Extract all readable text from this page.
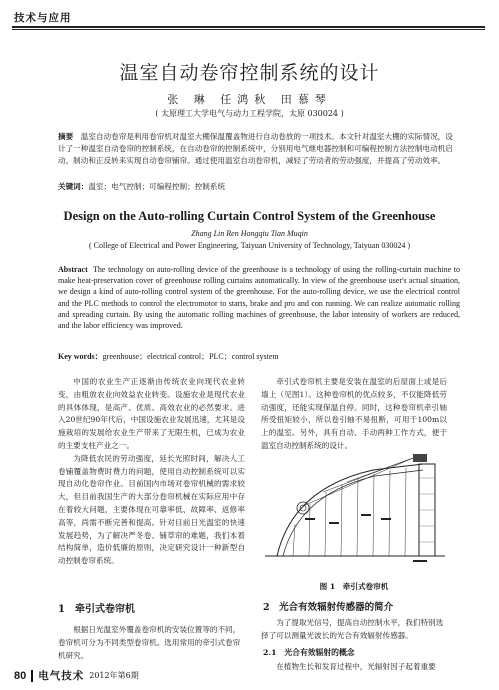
技术与应用
温室自动卷帘控制系统的设计
张 琳 任鸿秋 田慕琴
( 太原理工大学电气与动力工程学院，太原 030024 )
摘要　 温室自动卷帘是利用卷帘机对温室大棚保温覆盖物进行自动卷放的一项技术。本文针对温室大棚的实际情况，设计了一种温室自动卷帘的控制系统，在自动卷帘的控制系统中，分别用电气继电器控制和可编程控制方法控制电动机启动、制动和正反转来实现自动卷帘铺帘。通过使用温室自动卷帘机，减轻了劳动者的劳动强度，并提高了劳动效率。
关键词：温室；电气控制；可编程控制；控制系统
Design on the Auto-rolling Curtain Control System of the Greenhouse
Zhang Lin Ren Hongqiu Tian Muqin
( College of Electrical and Power Engineering, Taiyuan University of Technology, Taiyuan 030024 )
Abstract The technology on auto-rolling device of the greenhouse is a technology of using the rolling-curtain machine to make heat-preservation cover of greenhouse rolling curtains automatically. In view of the greenhouse user's actual situation, we design a kind of auto-rolling control system of the greenhouse. For the auto-rolling device, we use the electrical control and the PLC methods to control the electromotor to starts, brake and pro and con running. We can realize automatic rolling and spreading curtain. By using the automatic rolling machines of greenhouse, the labor intensity of workers are reduced, and the labor efficiency was improved.
Key words：greenhouse；electrical control；PLC；control system

中国的农业生产正逐渐由传统农业向现代农业转变，由粗放农业向效益农业转变。设施农业是现代农业的具体体现，是高产、优质、高效农业的必然要求。进入20世纪90年代后，中国设施农业发展迅速，尤其是设施栽培的发展给农业生产带来了无限生机，已成为农业的主要支柱产业之一。

为降低农民的劳动强度，延长光照时间，解决人工卷铺覆盖物费时费力的问题，使用自动控制系统可以实现自动化卷帘作业。目前国内市场对卷帘机械的需求较大，但目前我国生产的大部分卷帘机械在实际应用中存在着较大问题，主要体现在可靠率低、故障率、返修率高等，尚需不断完善和提高。针对目前日光温室的快速发展趋势，为了解决严冬卷、铺草帘的难题，我们本着结构简单，造价低廉的原则，决定研究设计一种新型自动控制卷帘系统。

1　牵引式卷帘机
根据日光温室外覆盖卷帘机的安装位置等的不同，卷帘机可分为不同类型卷帘机。选用常用的牵引式卷帘机研究。

牵引式卷帘机主要是安装在温室的后屋面上或是后墙上（见图1）。这种卷帘机的优点较多，不仅能降低劳动强度，还能实现保温自停。同时，这种卷帘机牵引轴所受扭矩较小，所以卷引轴不易扭断，可用于100m以上的温室。另外，具有自动、手动两种工作方式，便于温室自动控制系统的设计。

图 1　牵引式卷帘机
2　光合有效辐射传感器的简介
为了提取光信号，提高自动控制水平，我们特别选择了可以测量光波长的光合有效辐射传感器。
2.1　光合有效辐射的概念
在植物生长和发育过程中，光辐射因子起着重要
80 电气技术 2012年第6期
